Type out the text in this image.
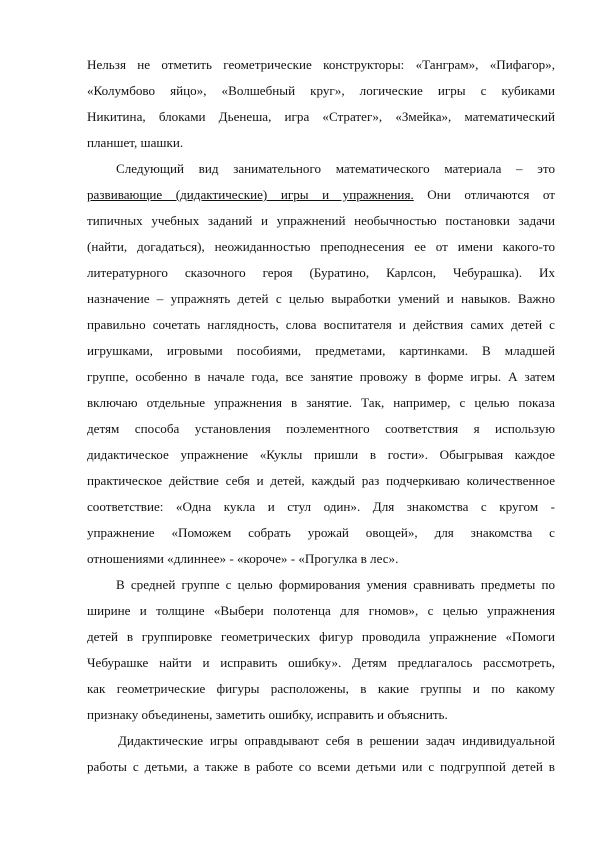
Нельзя не отметить геометрические конструкторы: «Танграм», «Пифагор»,
«Колумбово яйцо», «Волшебный круг», логические игры с кубиками
Никитина, блоками Дьенеша, игра «Стратег», «Змейка», математический
планшет, шашки.
Следующий вид занимательного математического материала – это
развивающие (дидактические) игры и упражнения. Они отличаются от
типичных учебных заданий и упражнений необычностью постановки задачи
(найти, догадаться), неожиданностью преподнесения ее от имени какого-то
литературного сказочного героя (Буратино, Карлсон, Чебурашка). Их
назначение – упражнять детей с целью выработки умений и навыков. Важно
правильно сочетать наглядность, слова воспитателя и действия самих детей с
игрушками, игровыми пособиями, предметами, картинками. В младшей
группе, особенно в начале года, все занятие провожу в форме игры. А затем
включаю отдельные упражнения в занятие. Так, например, с целью показа
детям способа установления поэлементного соответствия я использую
дидактическое упражнение «Куклы пришли в гости». Обыгрывая каждое
практическое действие себя и детей, каждый раз подчеркиваю количественное
соответствие: «Одна кукла и стул один». Для знакомства с кругом -
упражнение «Поможем собрать урожай овощей», для знакомства с
отношениями «длиннее» - «короче» - «Прогулка в лес».
В средней группе с целью формирования умения сравнивать предметы по
ширине и толщине «Выбери полотенца для гномов», с целью упражнения
детей в группировке геометрических фигур проводила упражнение «Помоги
Чебурашке найти и исправить ошибку». Детям предлагалось рассмотреть,
как геометрические фигуры расположены, в какие группы и по какому
признаку объединены, заметить ошибку, исправить и объяснить.
Дидактические игры оправдывают себя в решении задач индивидуальной
работы с детьми, а также в работе со всеми детьми или с подгруппой детей в
